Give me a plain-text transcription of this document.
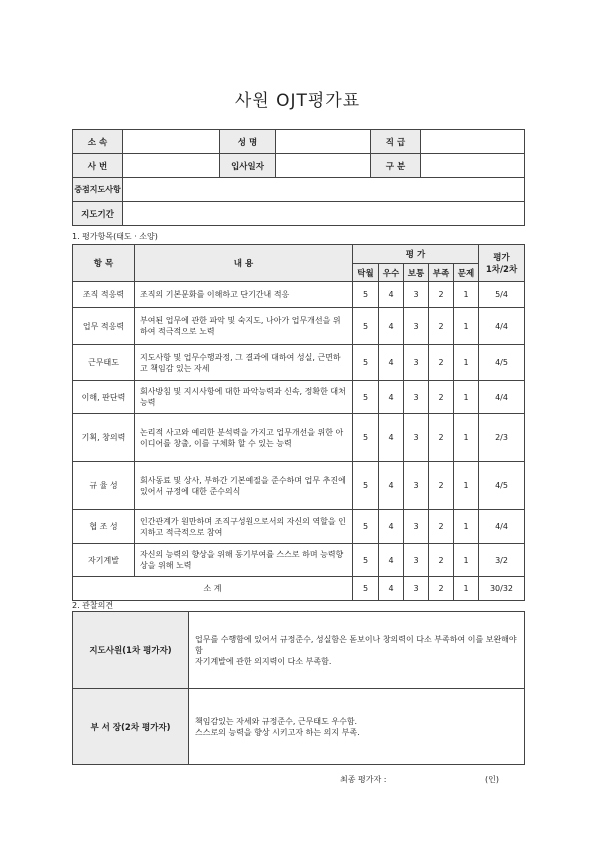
사원 OJT평가표
소 속		성 명		직 급	
사 번		입사일자		구 분	
중점지도사항					
지도기간					
1. 평가항목(태도 · 소양)
항 목	내 용	평 가					평가
1차/2차

		탁월	우수	보통	부족	문제	
조직 적응력	조직의 기본문화를 이해하고 단기간내 적응	5	4	3	2	1	5/4
업무 적응력	부여된 업무에 관한 파악 및 숙지도, 나아가 업무개선을 위하여 적극적으로 노력	5	4	3	2	1	4/4
근무태도	지도사항 및 업무수행과정, 그 결과에 대하여 성실, 근면하고 책임감 있는 자세	5	4	3	2	1	4/5
이해, 판단력	회사방침 및 지시사항에 대한 파악능력과 신속, 정확한 대처능력	5	4	3	2	1	4/4
기획, 창의력	논리적 사고와 예리한 분석력을 가지고 업무개선을 위한 아이디어를 창출, 이를 구체화 할 수 있는 능력	5	4	3	2	1	2/3
규 율 성	회사동료 및 상사, 부하간 기본예절을 준수하며 업무 추진에 있어서 규정에 대한 준수의식	5	4	3	2	1	4/5
협 조 성	인간관계가 원만하며 조직구성원으로서의 자신의 역할을 인지하고 적극적으로 참여	5	4	3	2	1	4/4
자기계발	자신의 능력의 향상을 위해 동기부여를 스스로 하며 능력향상을 위해 노력	5	4	3	2	1	3/2
소 계		5	4	3	2	1	30/32
2. 관찰의견
지도사원(1차 평가자)	업무를 수행함에 있어서 규정준수, 성실함은 돋보이나 창의력이 다소 부족하여 이를 보완해야 함
자기계발에 관한 의지력이 다소 부족함.
부 서 장(2차 평가자)	책임감있는 자세와 규정준수, 근무태도 우수함.
스스로의 능력을 향상 시키고자 하는 의지 부족.
최종 평가자 :	(인)
